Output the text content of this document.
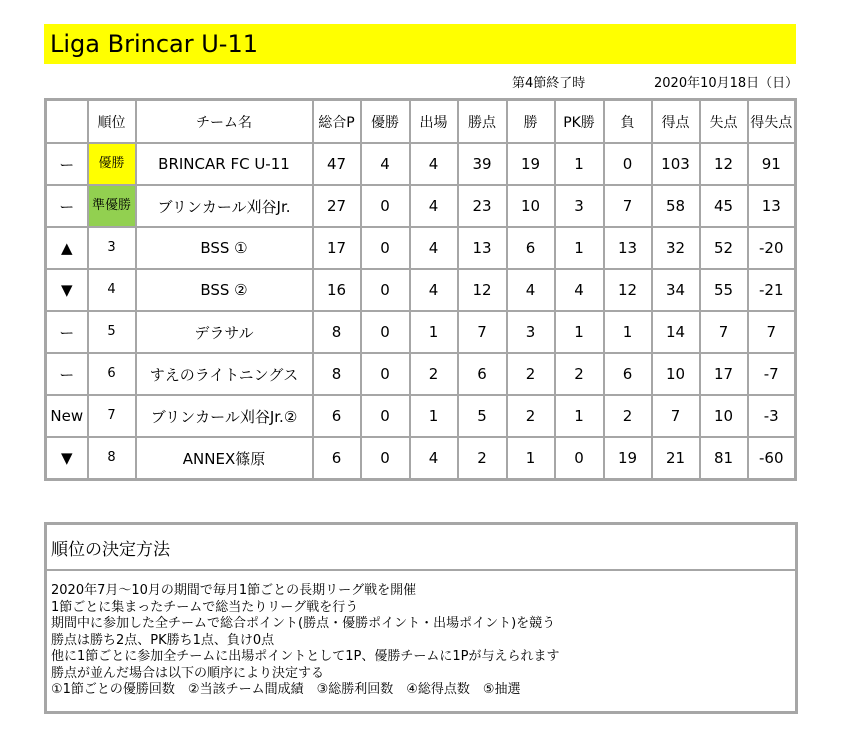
Liga Brincar U-11
第4節終了時	2020年10月18日（日）
	順位	チーム名	総合P	優勝	出場	勝点	勝	PK勝	負	得点	失点	得失点
ー	優勝	BRINCAR FC U-11	47	4	4	39	19	1	0	103	12	91
ー	準優勝	ブリンカール刈谷Jr.	27	0	4	23	10	3	7	58	45	13
▲	3	BSS ①	17	0	4	13	6	1	13	32	52	-20
▼	4	BSS ②	16	0	4	12	4	4	12	34	55	-21
ー	5	デラサル	8	0	1	7	3	1	1	14	7	7
ー	6	すえのライトニングス	8	0	2	6	2	2	6	10	17	-7
New	7	ブリンカール刈谷Jr.②	6	0	1	5	2	1	2	7	10	-3
▼	8	ANNEX篠原	6	0	4	2	1	0	19	21	81	-60
順位の決定方法
2020年7月～10月の期間で毎月1節ごとの長期リーグ戦を開催
1節ごとに集まったチームで総当たりリーグ戦を行う
期間中に参加した全チームで総合ポイント(勝点・優勝ポイント・出場ポイント)を競う
勝点は勝ち2点、PK勝ち1点、負け0点
他に1節ごとに参加全チームに出場ポイントとして1P、優勝チームに1Pが与えられます
勝点が並んだ場合は以下の順序により決定する
①1節ごとの優勝回数　②当該チーム間成績　③総勝利回数　④総得点数　⑤抽選
